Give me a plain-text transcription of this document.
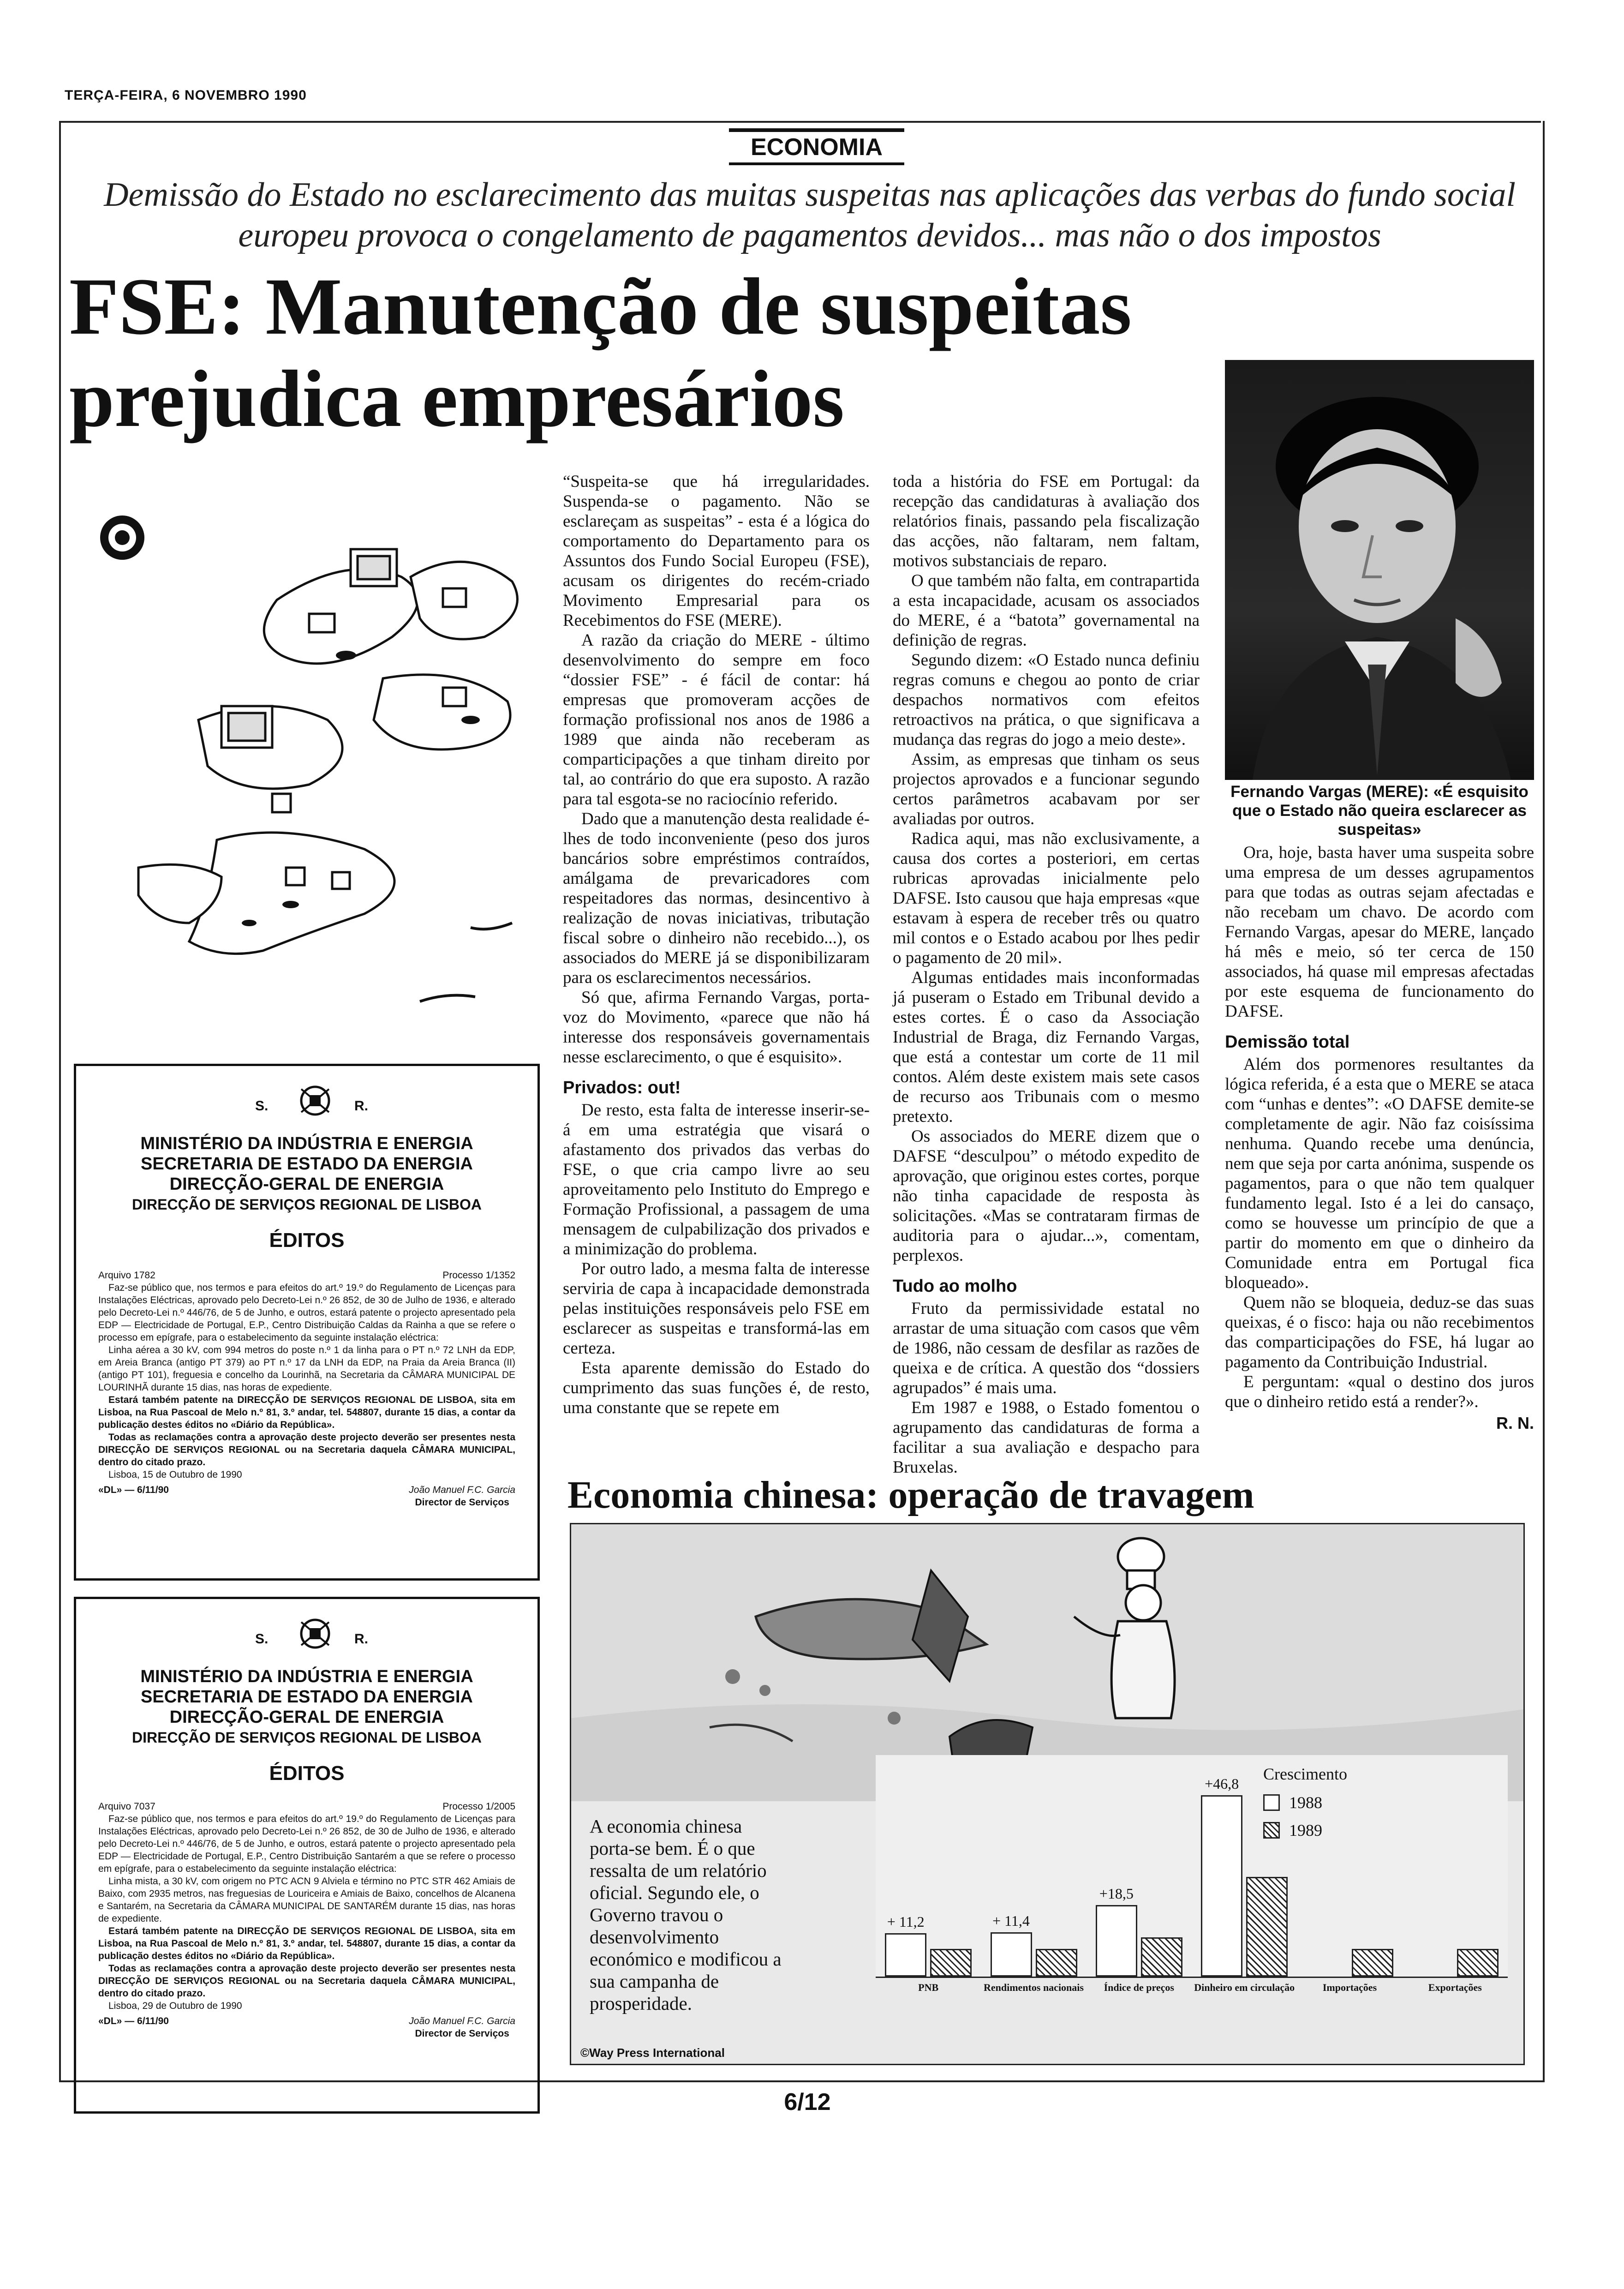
TERÇA-FEIRA, 6 NOVEMBRO 1990
ECONOMIA
Demissão do Estado no esclarecimento das muitas suspeitas nas aplicações das verbas do fundo social
europeu provoca o congelamento de pagamentos devidos... mas não o dos impostos
FSE: Manutenção de suspeitas
prejudica empresários
Fernando Vargas (MERE): «É esquisito que o Estado não queira esclarecer as suspeitas»

“Suspeita-se que há irregularidades. Suspenda-se o pagamento. Não se esclareçam as suspeitas” - esta é a lógica do comportamento do Departamento para os Assuntos dos Fundo Social Europeu (FSE), acusam os dirigentes do recém-criado Movimento Empresarial para os Recebimentos do FSE (MERE).

A razão da criação do MERE - último desenvolvimento do sempre em foco “dossier FSE” - é fácil de contar: há empresas que promoveram acções de formação profissional nos anos de 1986 a 1989 que ainda não receberam as comparticipações a que tinham direito por tal, ao contrário do que era suposto. A razão para tal esgota-se no raciocínio referido.

Dado que a manutenção desta realidade é-lhes de todo inconveniente (peso dos juros bancários sobre empréstimos contraídos, amálgama de prevaricadores com respeitadores das normas, desincentivo à realização de novas iniciativas, tributação fiscal sobre o dinheiro não recebido...), os associados do MERE já se disponibilizaram para os esclarecimentos necessários.

Só que, afirma Fernando Vargas, porta-voz do Movimento, «parece que não há interesse dos responsáveis governamentais nesse esclarecimento, o que é esquisito».

Privados: out!

De resto, esta falta de interesse inserir-se-á em uma estratégia que visará o afastamento dos privados das verbas do FSE, o que cria campo livre ao seu aproveitamento pelo Instituto do Emprego e Formação Profissional, a passagem de uma mensagem de culpabilização dos privados e a minimização do problema.

Por outro lado, a mesma falta de interesse serviria de capa à incapacidade demonstrada pelas instituições responsáveis pelo FSE em esclarecer as suspeitas e transformá-las em certeza.

Esta aparente demissão do Estado do cumprimento das suas funções é, de resto, uma constante que se repete em

toda a história do FSE em Portugal: da recepção das candidaturas à avaliação dos relatórios finais, passando pela fiscalização das acções, não faltaram, nem faltam, motivos substanciais de reparo.

O que também não falta, em contrapartida a esta incapacidade, acusam os associados do MERE, é a “batota” governamental na definição de regras.

Segundo dizem: «O Estado nunca definiu regras comuns e chegou ao ponto de criar despachos normativos com efeitos retroactivos na prática, o que significava a mudança das regras do jogo a meio deste».

Assim, as empresas que tinham os seus projectos aprovados e a funcionar segundo certos parâmetros acabavam por ser avaliadas por outros.

Radica aqui, mas não exclusivamente, a causa dos cortes a posteriori, em certas rubricas aprovadas inicialmente pelo DAFSE. Isto causou que haja empresas «que estavam à espera de receber três ou quatro mil contos e o Estado acabou por lhes pedir o pagamento de 20 mil».

Algumas entidades mais inconformadas já puseram o Estado em Tribunal devido a estes cortes. É o caso da Associação Industrial de Braga, diz Fernando Vargas, que está a contestar um corte de 11 mil contos. Além deste existem mais sete casos de recurso aos Tribunais com o mesmo pretexto.

Os associados do MERE dizem que o DAFSE “desculpou” o método expedito de aprovação, que originou estes cortes, porque não tinha capacidade de resposta às solicitações. «Mas se contrataram firmas de auditoria para o ajudar...», comentam, perplexos.

Tudo ao molho

Fruto da permissividade estatal no arrastar de uma situação com casos que vêm de 1986, não cessam de desfilar as razões de queixa e de crítica. A questão dos “dossiers agrupados” é mais uma.

Em 1987 e 1988, o Estado fomentou o agrupamento das candidaturas de forma a facilitar a sua avaliação e despacho para Bruxelas.

Ora, hoje, basta haver uma suspeita sobre uma empresa de um desses agrupamentos para que todas as outras sejam afectadas e não recebam um chavo. De acordo com Fernando Vargas, apesar do MERE, lançado há mês e meio, só ter cerca de 150 associados, há quase mil empresas afectadas por este esquema de funcionamento do DAFSE.

Demissão total

Além dos pormenores resultantes da lógica referida, é a esta que o MERE se ataca com “unhas e dentes”: «O DAFSE demite-se completamente de agir. Não faz coisíssima nenhuma. Quando recebe uma denúncia, nem que seja por carta anónima, suspende os pagamentos, para o que não tem qualquer fundamento legal. Isto é a lei do cansaço, como se houvesse um princípio de que a partir do momento em que o dinheiro da Comunidade entra em Portugal fica bloqueado».

Quem não se bloqueia, deduz-se das suas queixas, é o fisco: haja ou não recebimentos das comparticipações do FSE, há lugar ao pagamento da Contribuição Industrial.

E perguntam: «qual o destino dos juros que o dinheiro retido está a render?».

R. N.
S.	R.
MINISTÉRIO DA INDÚSTRIA E ENERGIA
SECRETARIA DE ESTADO DA ENERGIA
DIRECÇÃO-GERAL DE ENERGIA
DIRECÇÃO DE SERVIÇOS REGIONAL DE LISBOA
ÉDITOS
Arquivo 1782	Processo 1/1352

Faz-se público que, nos termos e para efeitos do art.º 19.º do Regulamento de Licenças para Instalações Eléctricas, aprovado pelo Decreto-Lei n.º 26 852, de 30 de Julho de 1936, e alterado pelo Decreto-Lei n.º 446/76, de 5 de Junho, e outros, estará patente o projecto apresentado pela EDP — Electricidade de Portugal, E.P., Centro Distribuição Caldas da Rainha a que se refere o processo em epígrafe, para o estabelecimento da seguinte instalação eléctrica:

Linha aérea a 30 kV, com 994 metros do poste n.º 1 da linha para o PT n.º 72 LNH da EDP, em Areia Branca (antigo PT 379) ao PT n.º 17 da LNH da EDP, na Praia da Areia Branca (II) (antigo PT 101), freguesia e concelho da Lourinhã, na Secretaria da CÂMARA MUNICIPAL DE LOURINHÃ durante 15 dias, nas horas de expediente.

Estará também patente na DIRECÇÃO DE SERVIÇOS REGIONAL DE LISBOA, sita em Lisboa, na Rua Pascoal de Melo n.º 81, 3.º andar, tel. 548807, durante 15 dias, a contar da publicação destes éditos no «Diário da República».

Todas as reclamações contra a aprovação deste projecto deverão ser presentes nesta DIRECÇÃO DE SERVIÇOS REGIONAL ou na Secretaria daquela CÂMARA MUNICIPAL, dentro do citado prazo.

Lisboa, 15 de Outubro de 1990

«DL» — 6/11/90	João Manuel F.C. Garcia
Director de Serviços
S.	R.
MINISTÉRIO DA INDÚSTRIA E ENERGIA
SECRETARIA DE ESTADO DA ENERGIA
DIRECÇÃO-GERAL DE ENERGIA
DIRECÇÃO DE SERVIÇOS REGIONAL DE LISBOA
ÉDITOS
Arquivo 7037	Processo 1/2005

Faz-se público que, nos termos e para efeitos do art.º 19.º do Regulamento de Licenças para Instalações Eléctricas, aprovado pelo Decreto-Lei n.º 26 852, de 30 de Julho de 1936, e alterado pelo Decreto-Lei n.º 446/76, de 5 de Junho, e outros, estará patente o projecto apresentado pela EDP — Electricidade de Portugal, E.P., Centro Distribuição Santarém a que se refere o processo em epígrafe, para o estabelecimento da seguinte instalação eléctrica:

Linha mista, a 30 kV, com origem no PTC ACN 9 Alviela e término no PTC STR 462 Amiais de Baixo, com 2935 metros, nas freguesias de Louriceira e Amiais de Baixo, concelhos de Alcanena e Santarém, na Secretaria da CÂMARA MUNICIPAL DE SANTARÉM durante 15 dias, nas horas de expediente.

Estará também patente na DIRECÇÃO DE SERVIÇOS REGIONAL DE LISBOA, sita em Lisboa, na Rua Pascoal de Melo n.º 81, 3.º andar, tel. 548807, durante 15 dias, a contar da publicação destes éditos no «Diário da República».

Todas as reclamações contra a aprovação deste projecto deverão ser presentes nesta DIRECÇÃO DE SERVIÇOS REGIONAL ou na Secretaria daquela CÂMARA MUNICIPAL, dentro do citado prazo.

Lisboa, 29 de Outubro de 1990

«DL» — 6/11/90	João Manuel F.C. Garcia
Director de Serviços
Economia chinesa: operação de travagem
A economia chinesa porta-se bem. É o que ressalta de um relatório oficial. Segundo ele, o Governo travou o desenvolvimento económico e modificou a sua campanha de prosperidade.
©Way Press International
+ 11,2	+ 11,4
+18,5
+46,8
PNB	Rendimentos nacionais	Índice de preços	Dinheiro em circulação	Importações	Exportações
Crescimento
1988
1989
6/12
